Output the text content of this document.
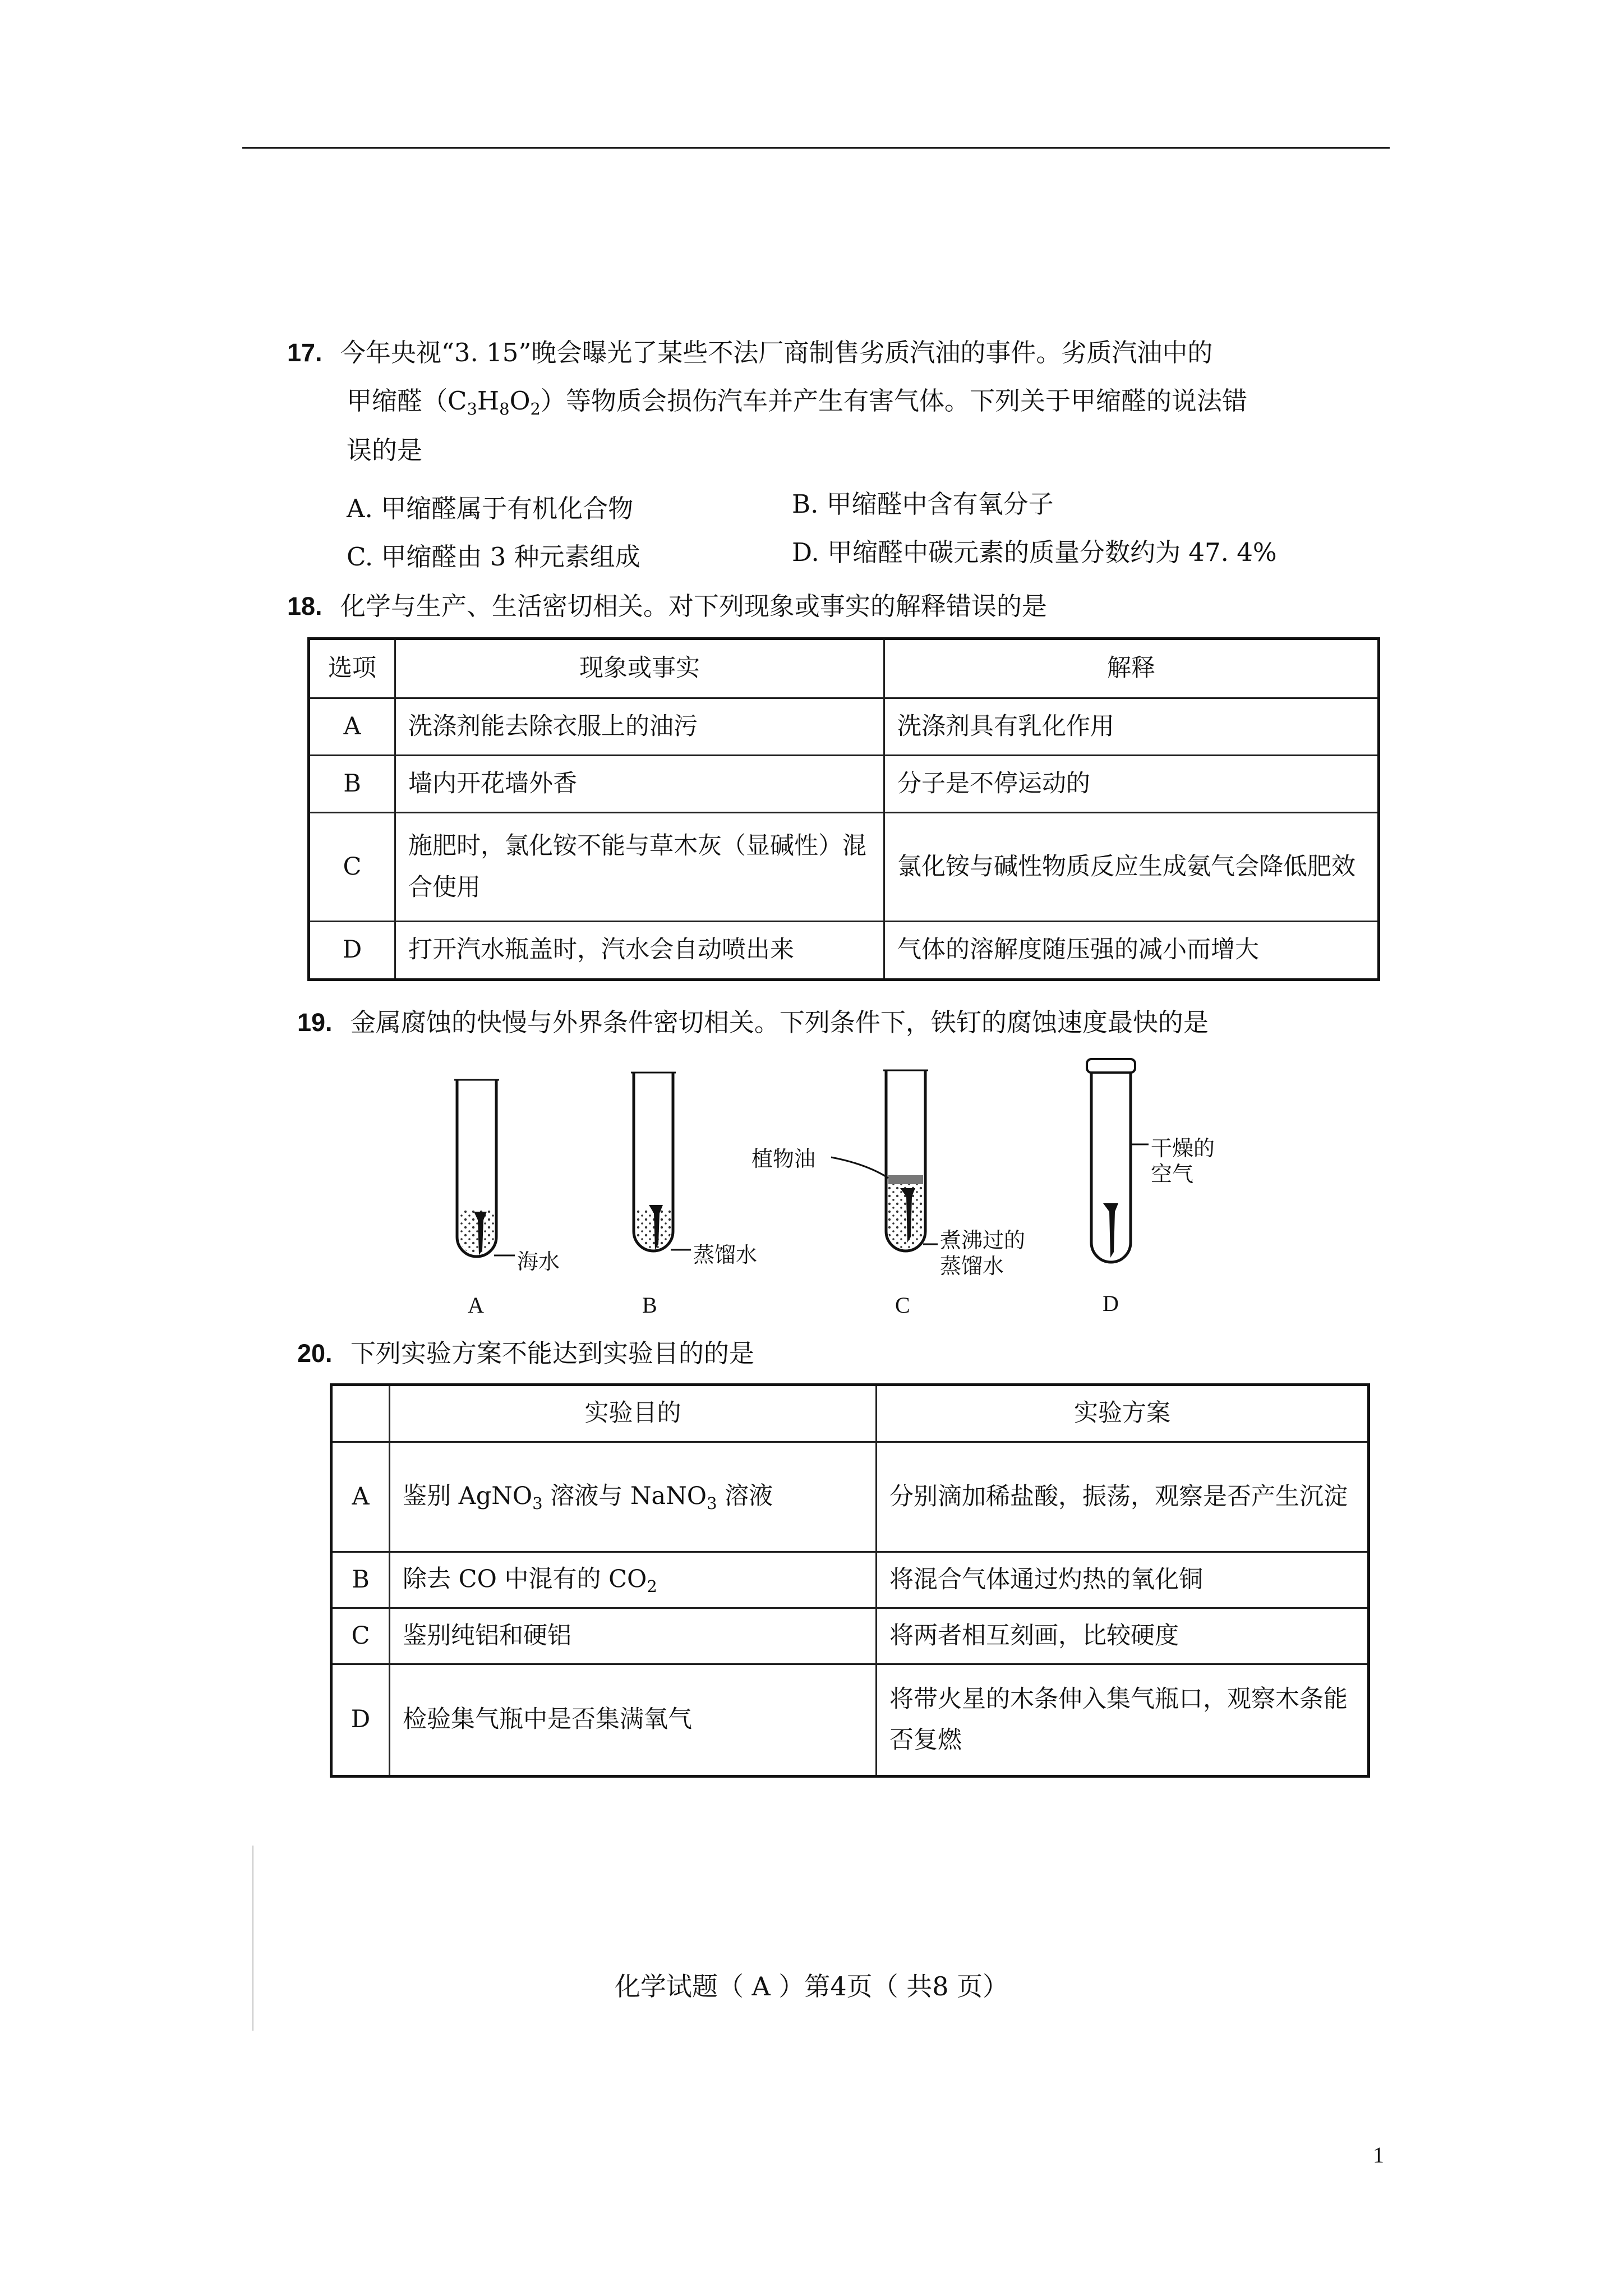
17. 今年央视“3. 15”晚会曝光了某些不法厂商制售劣质汽油的事件。劣质汽油中的
甲缩醛$(C_3H_8O_2)$等物质会损伤汽车并产生有害气体。下列关于甲缩醛的说法错
误的是
A. 甲缩醛属于有机化合物	B. 甲缩醛中含有氧分子
C. 甲缩醛由 3 种元素组成	D. 甲缩醛中碳元素的质量分数约为 47. 4%
18. 化学与生产、生活密切相关。对下列现象或事实的解释错误的是
选项	现象或事实	解释
A	洗涤剂能去除衣服上的油污	洗涤剂具有乳化作用
B	墙内开花墙外香	分子是不停运动的
C	施肥时，氯化铵不能与草木灰（显碱性）混合使用	氯化铵与碱性物质反应生成氨气会降低肥效
D	打开汽水瓶盖时，汽水会自动喷出来	气体的溶解度随压强的减小而增大
19. 金属腐蚀的快慢与外界条件密切相关。下列条件下，铁钉的腐蚀速度最快的是
海水	蒸馏水
植物油
煮沸过的
蒸馏水
干燥的
空气
A	B	C	D
20. 下列实验方案不能达到实验目的的是
	实验目的	实验方案
A	鉴别 AgNO$_3$ 溶液与 NaNO$_3$ 溶液	分别滴加稀盐酸，振荡，观察是否产生沉淀
B	除去 CO 中混有的 $CO_2$	将混合气体通过灼热的氧化铜
C	鉴别纯铝和硬铝	将两者相互刻画，比较硬度
D	检验集气瓶中是否集满氧气	将带火星的木条伸入集气瓶口，观察木条能否复燃
化学试题（ A ）第4页（ 共8 页）
1
